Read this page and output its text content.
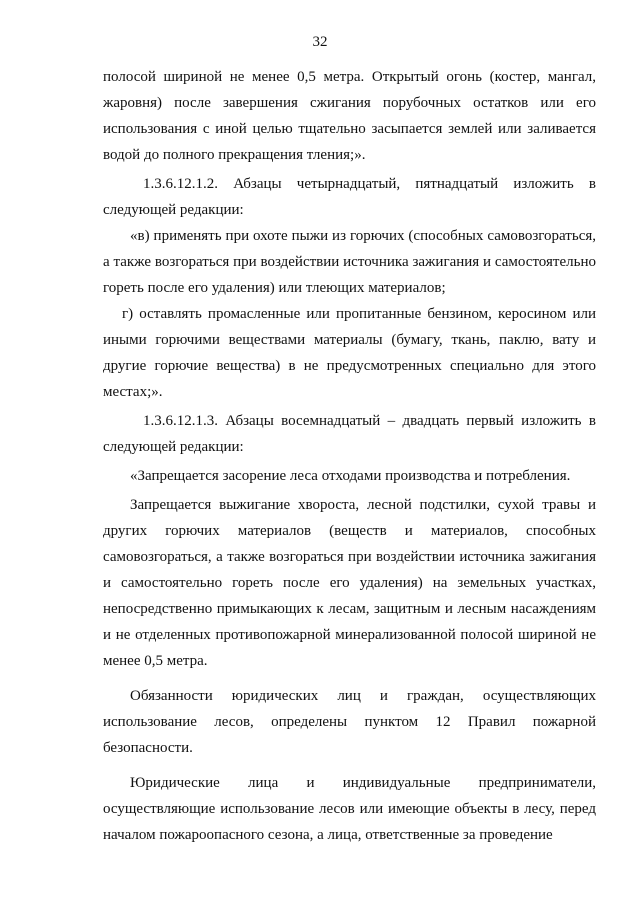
32

полосой шириной не менее 0,5 метра. Открытый огонь (костер, мангал, жаровня) после завершения сжигания порубочных остатков или его использования с иной целью тщательно засыпается землей или заливается водой до полного прекращения тления;».

1.3.6.12.1.2. Абзацы четырнадцатый, пятнадцатый изложить в следующей редакции:

«в) применять при охоте пыжи из горючих (способных самовозгораться, а также возгораться при воздействии источника зажигания и самостоятельно гореть после его удаления) или тлеющих материалов;

г) оставлять промасленные или пропитанные бензином, керосином или иными горючими веществами материалы (бумагу, ткань, паклю, вату и другие горючие вещества) в не предусмотренных специально для этого местах;».

1.3.6.12.1.3. Абзацы восемнадцатый – двадцать первый изложить в следующей редакции:

«Запрещается засорение леса отходами производства и потребления.

Запрещается выжигание хвороста, лесной подстилки, сухой травы и других горючих материалов (веществ и материалов, способных самовозгораться, а также возгораться при воздействии источника зажигания и самостоятельно гореть после его удаления) на земельных участках, непосредственно примыкающих к лесам, защитным и лесным насаждениям и не отделенных противопожарной минерализованной полосой шириной не менее 0,5 метра.

Обязанности юридических лиц и граждан, осуществляющих использование лесов, определены пунктом 12 Правил пожарной безопасности.

Юридические лица и индивидуальные предприниматели, осуществляющие использование лесов или имеющие объекты в лесу, перед началом пожароопасного сезона, а лица, ответственные за проведение
